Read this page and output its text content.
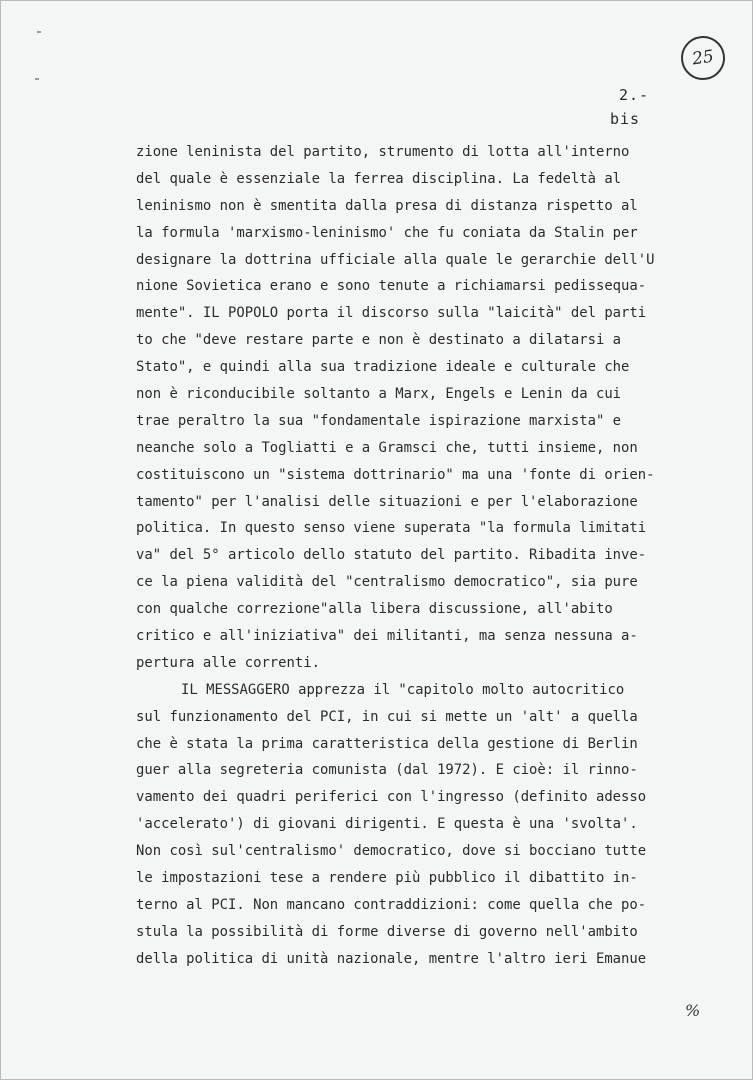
25
2.-
bis
zione leninista del partito, strumento di lotta all'interno
del quale è essenziale la ferrea disciplina. La fedeltà al
leninismo non è smentita dalla presa di distanza rispetto al
la formula 'marxismo-leninismo' che fu coniata da Stalin per
designare la dottrina ufficiale alla quale le gerarchie dell'U
nione Sovietica erano e sono tenute a richiamarsi pedissequa-
mente". IL POPOLO porta il discorso sulla "laicità" del parti
to che "deve restare parte e non è destinato a dilatarsi a
Stato", e quindi alla sua tradizione ideale e culturale che
non è riconducibile soltanto a Marx, Engels e Lenin da cui
trae peraltro la sua "fondamentale ispirazione marxista" e
neanche solo a Togliatti e a Gramsci che, tutti insieme, non
costituiscono un "sistema dottrinario" ma una 'fonte di orien-
tamento" per l'analisi delle situazioni e per l'elaborazione
politica. In questo senso viene superata "la formula limitati
va" del 5° articolo dello statuto del partito. Ribadita inve-
ce la piena validità del "centralismo democratico", sia pure
con qualche correzione"alla libera discussione, all'abito
critico e all'iniziativa" dei militanti, ma senza nessuna a-
pertura alle correnti.
IL MESSAGGERO apprezza il "capitolo molto autocritico
sul funzionamento del PCI, in cui si mette un 'alt' a quella
che è stata la prima caratteristica della gestione di Berlin
guer alla segreteria comunista (dal 1972). E cioè: il rinno-
vamento dei quadri periferici con l'ingresso (definito adesso
'accelerato') di giovani dirigenti. E questa è una 'svolta'.
Non così sul'centralismo' democratico, dove si bocciano tutte
le impostazioni tese a rendere più pubblico il dibattito in-
terno al PCI. Non mancano contraddizioni: come quella che po-
stula la possibilità di forme diverse di governo nell'ambito
della politica di unità nazionale, mentre l'altro ieri Emanue
%
